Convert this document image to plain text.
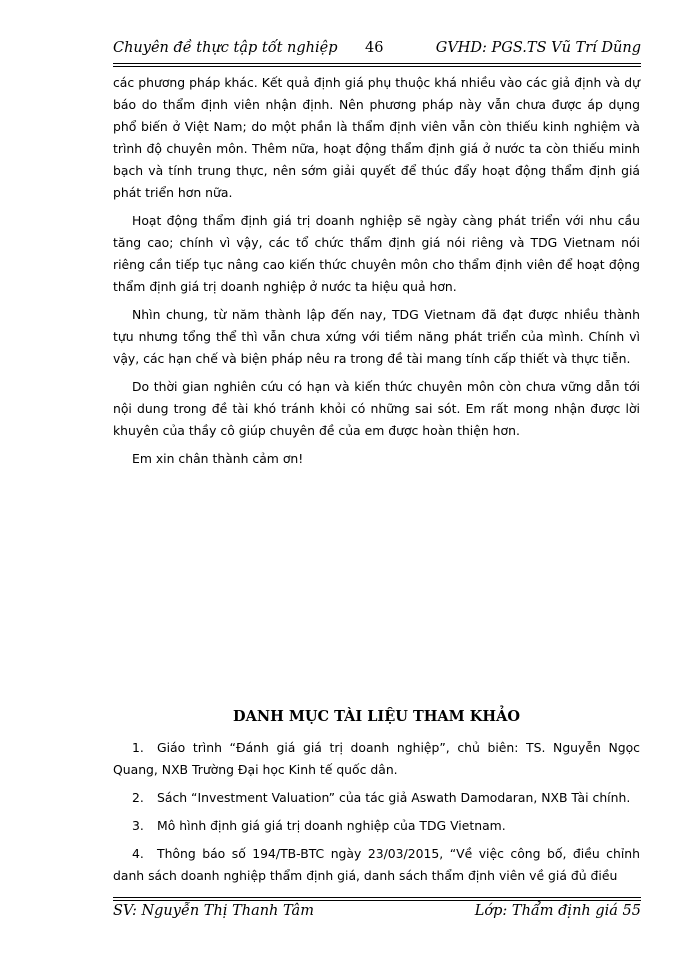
Chuyên đề thực tập tốt nghiệp 46	GVHD: PGS.TS Vũ Trí Dũng

các phương pháp khác. Kết quả định giá phụ thuộc khá nhiều vào các giả định và dự báo do thẩm định viên nhận định. Nên phương pháp này vẫn chưa được áp dụng phổ biến ở Việt Nam; do một phần là thẩm định viên vẫn còn thiếu kinh nghiệm và trình độ chuyên môn. Thêm nữa, hoạt động thẩm định giá ở nước ta còn thiếu minh bạch và tính trung thực, nên sớm giải quyết để thúc đẩy hoạt động thẩm định giá phát triển hơn nữa.

Hoạt động thẩm định giá trị doanh nghiệp sẽ ngày càng phát triển với nhu cầu tăng cao; chính vì vậy, các tổ chức thẩm định giá nói riêng và TDG Vietnam nói riêng cần tiếp tục nâng cao kiến thức chuyên môn cho thẩm định viên để hoạt động thẩm định giá trị doanh nghiệp ở nước ta hiệu quả hơn.

Nhìn chung, từ năm thành lập đến nay, TDG Vietnam đã đạt được nhiều thành tựu nhưng tổng thể thì vẫn chưa xứng với tiềm năng phát triển của mình. Chính vì vậy, các hạn chế và biện pháp nêu ra trong đề tài mang tính cấp thiết và thực tiễn.

Do thời gian nghiên cứu có hạn và kiến thức chuyên môn còn chưa vững dẫn tới nội dung trong đề tài khó tránh khỏi có những sai sót. Em rất mong nhận được lời khuyên của thầy cô giúp chuyên đề của em được hoàn thiện hơn.

Em xin chân thành cảm ơn!

DANH MỤC TÀI LIỆU THAM KHẢO

1. Giáo trình “Đánh giá giá trị doanh nghiệp”, chủ biên: TS. Nguyễn Ngọc Quang, NXB Trường Đại học Kinh tế quốc dân.

2. Sách “Investment Valuation” của tác giả Aswath Damodaran, NXB Tài chính.

3. Mô hình định giá giá trị doanh nghiệp của TDG Vietnam.

4. Thông báo số 194/TB-BTC ngày 23/03/2015, “Về việc công bố, điều chỉnh danh sách doanh nghiệp thẩm định giá, danh sách thẩm định viên về giá đủ điều

SV: Nguyễn Thị Thanh Tâm	Lớp: Thẩm định giá 55
